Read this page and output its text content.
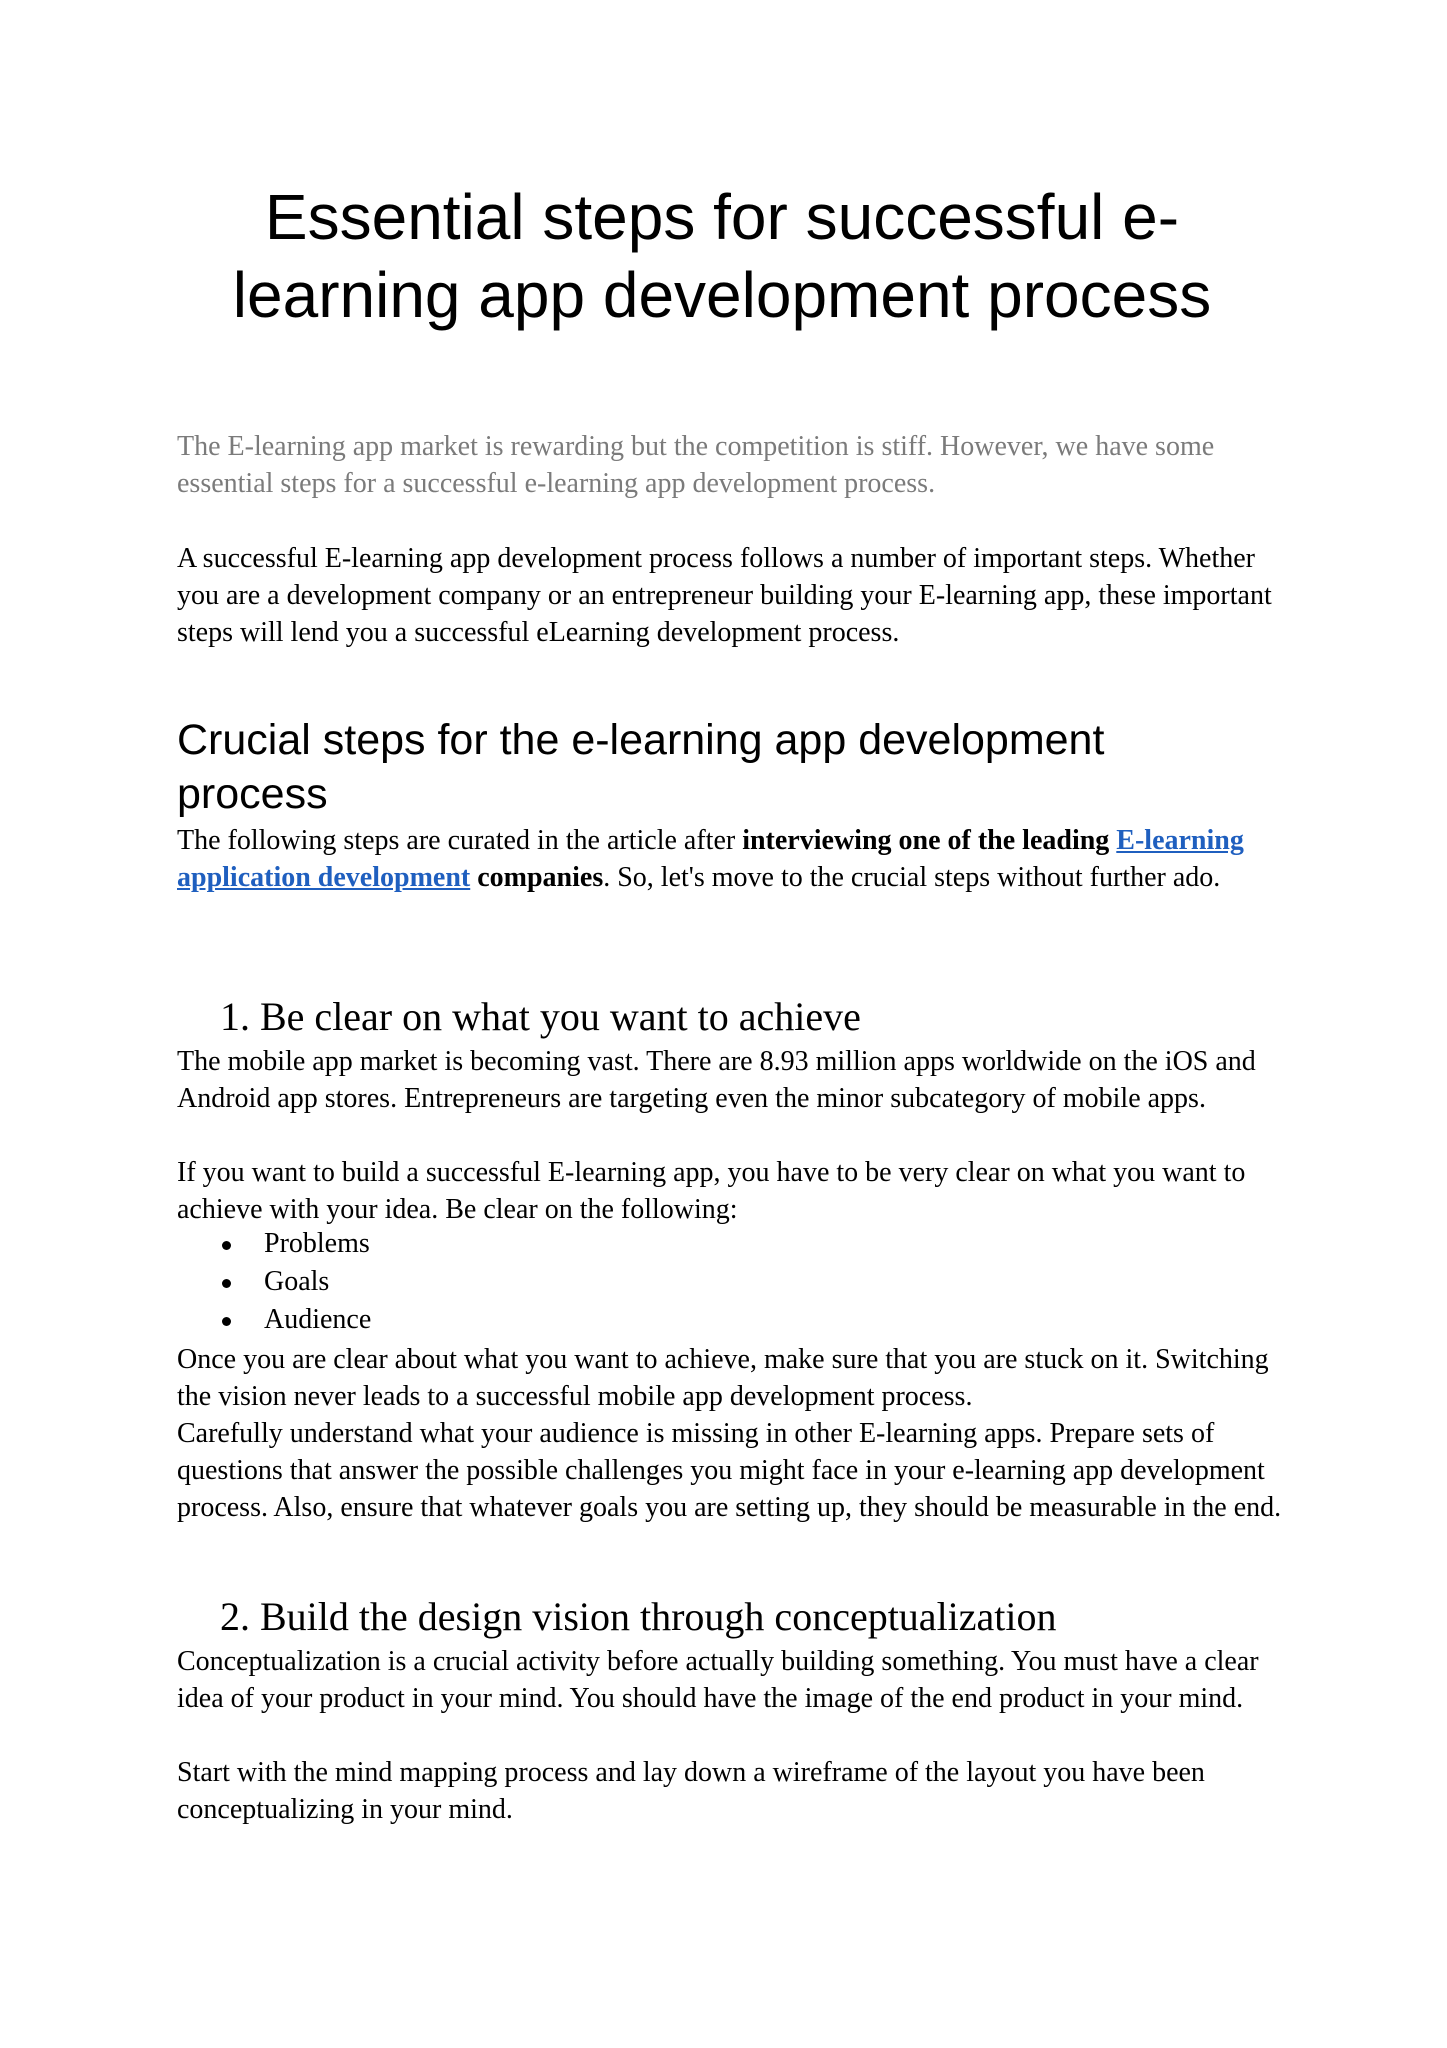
Essential steps for successful e-learning app development process

The E-learning app market is rewarding but the competition is stiff. However, we have some essential steps for a successful e-learning app development process.

A successful E-learning app development process follows a number of important steps. Whether you are a development company or an entrepreneur building your E-learning app, these important steps will lend you a successful eLearning development process.

Crucial steps for the e-learning app development process

The following steps are curated in the article after interviewing one of the leading E-learning application development companies. So, let's move to the crucial steps without further ado.

1. Be clear on what you want to achieve

The mobile app market is becoming vast. There are 8.93 million apps worldwide on the iOS and Android app stores. Entrepreneurs are targeting even the minor subcategory of mobile apps.

If you want to build a successful E-learning app, you have to be very clear on what you want to achieve with your idea. Be clear on the following:

Problems
Goals
Audience

Once you are clear about what you want to achieve, make sure that you are stuck on it. Switching the vision never leads to a successful mobile app development process.

Carefully understand what your audience is missing in other E-learning apps. Prepare sets of questions that answer the possible challenges you might face in your e-learning app development process. Also, ensure that whatever goals you are setting up, they should be measurable in the end.

2. Build the design vision through conceptualization

Conceptualization is a crucial activity before actually building something. You must have a clear idea of your product in your mind. You should have the image of the end product in your mind.

Start with the mind mapping process and lay down a wireframe of the layout you have been conceptualizing in your mind.
